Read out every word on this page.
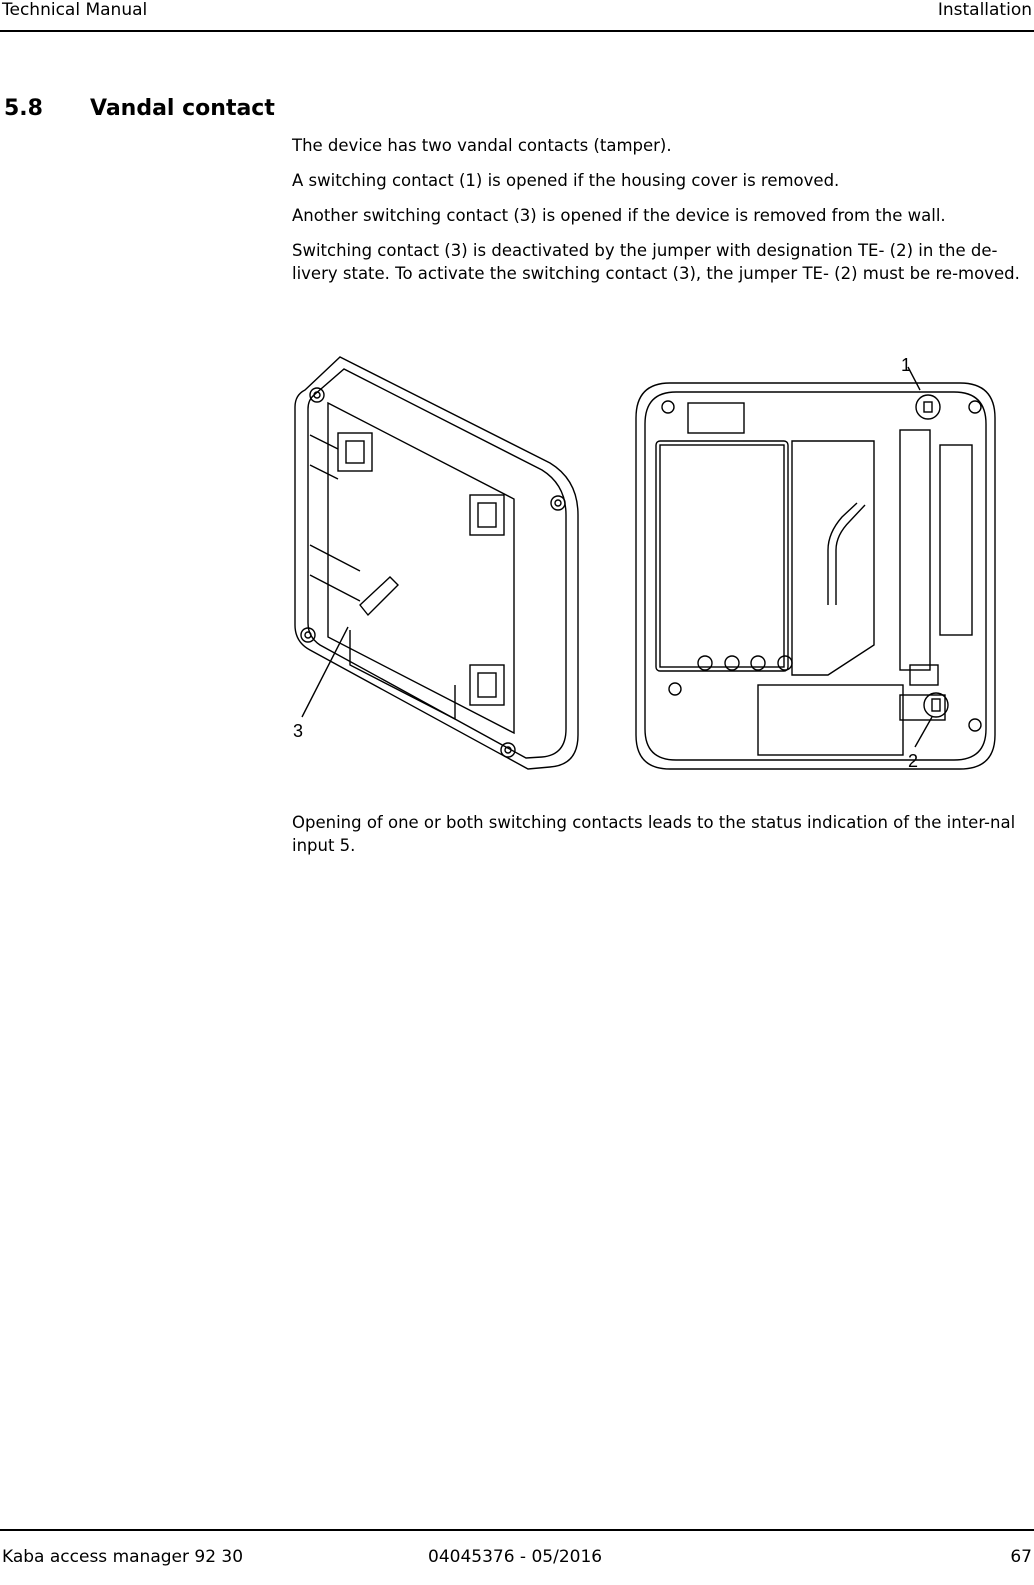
Technical Manual	Installation
5.8 Vandal contact

The device has two vandal contacts (tamper).

A switching contact (1) is opened if the housing cover is removed.

Another switching contact (3) is opened if the device is removed from the wall.

Switching contact (3) is deactivated by the jumper with designation TE- (2) in the de-livery state. To activate the switching contact (3), the jumper TE- (2) must be re-moved.

1
2
3

Opening of one or both switching contacts leads to the status indication of the inter-nal input 5.

Kaba access manager 92 30	04045376 - 05/2016	67
